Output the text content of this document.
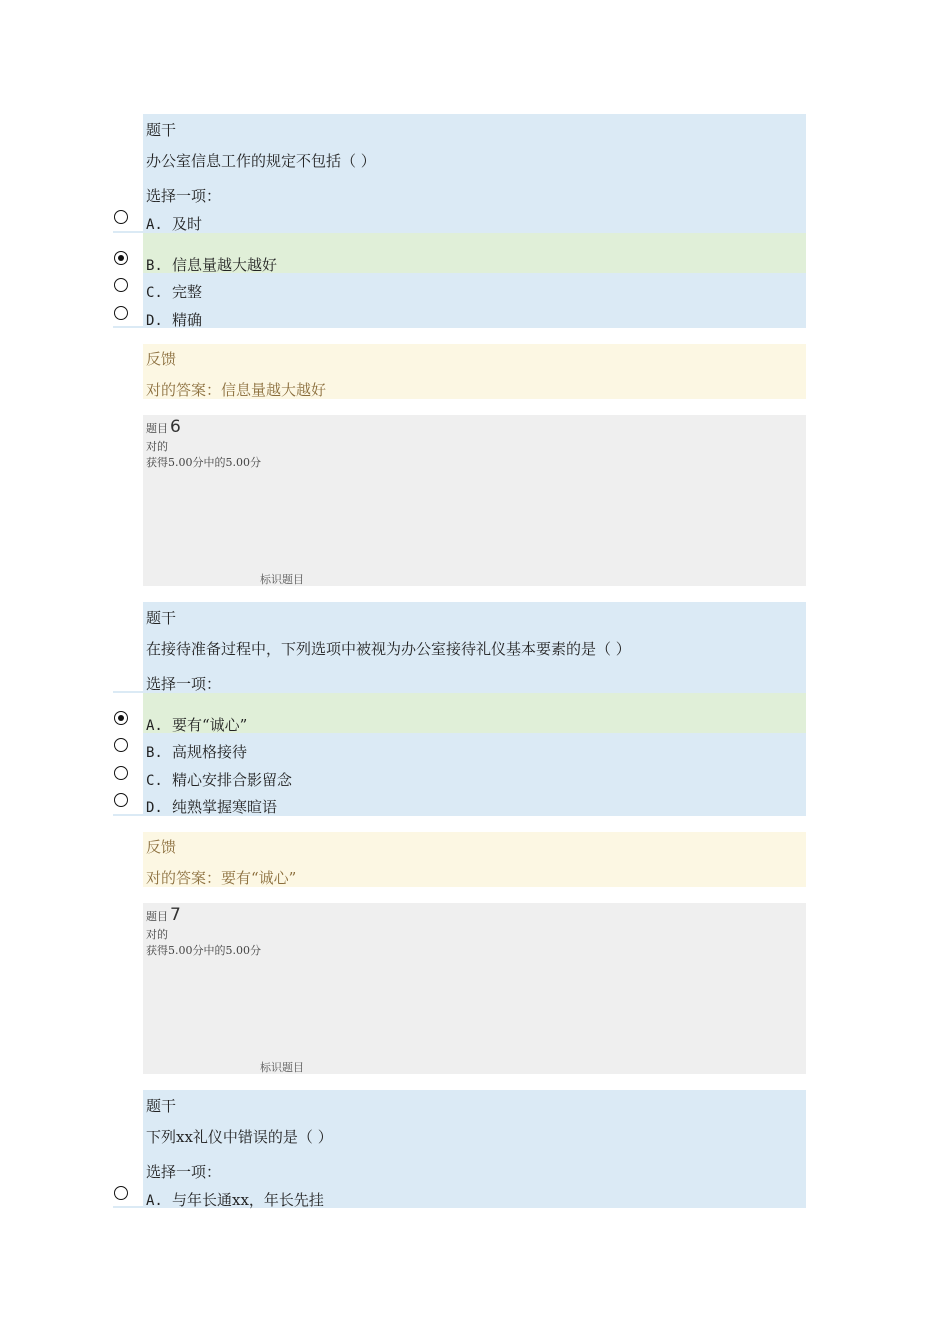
题干
办公室信息工作的规定不包括（ ）
选择一项：
A. 及时
B. 信息量越大越好
C. 完整
D. 精确
反馈
对的答案：信息量越大越好
题目 6
对的
获得5.00分中的5.00分
标识题目
题干
在接待准备过程中，下列选项中被视为办公室接待礼仪基本要素的是（ ）
选择一项：
A. 要有“诚心”
B. 高规格接待
C. 精心安排合影留念
D. 纯熟掌握寒暄语
反馈
对的答案：要有“诚心”
题目 7
对的
获得5.00分中的5.00分
标识题目
题干
下列xx礼仪中错误的是（ ）
选择一项：
A. 与年长通xx，年长先挂
